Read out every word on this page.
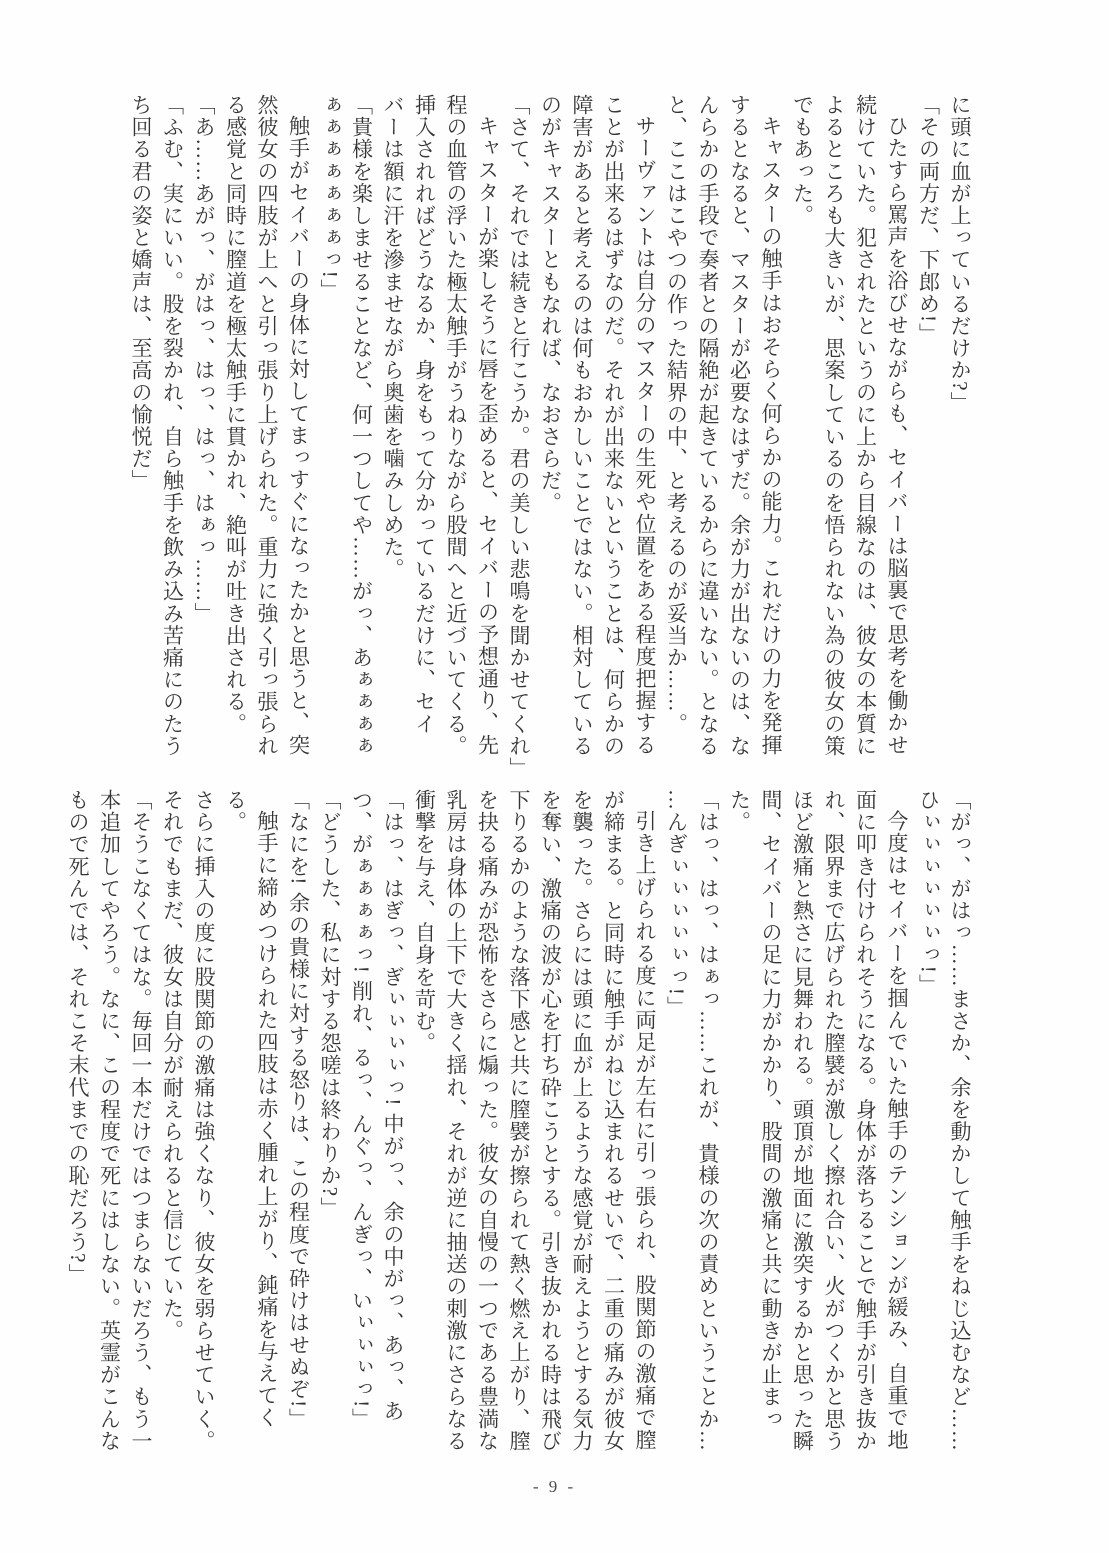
に頭に血が上っているだけか?」
「その両方だ、下郎め!」
ひたすら罵声を浴びせながらも、セイバーは脳裏で思考を働かせ
続けていた。犯されたというのに上から目線なのは、彼女の本質に
よるところも大きいが、思案しているのを悟られない為の彼女の策
でもあった。
キャスターの触手はおそらく何らかの能力。これだけの力を発揮
するとなると、マスターが必要なはずだ。余が力が出ないのは、な
んらかの手段で奏者との隔絶が起きているからに違いない。となる
と、ここはこやつの作った結界の中、と考えるのが妥当か……。
サーヴァントは自分のマスターの生死や位置をある程度把握する
ことが出来るはずなのだ。それが出来ないということは、何らかの
障害があると考えるのは何もおかしいことではない。相対している
のがキャスターともなれば、なおさらだ。
「さて、それでは続きと行こうか。君の美しい悲鳴を聞かせてくれ」
キャスターが楽しそうに唇を歪めると、セイバーの予想通り、先
程の血管の浮いた極太触手がうねりながら股間へと近づいてくる。
挿入されればどうなるか、身をもって分かっているだけに、セイ
バーは額に汗を滲ませながら奥歯を噛みしめた。
「貴様を楽しませることなど、何一つしてや……がっ、あぁぁぁぁ
ぁぁぁぁぁぁぁっ!」
触手がセイバーの身体に対してまっすぐになったかと思うと、突
然彼女の四肢が上へと引っ張り上げられた。重力に強く引っ張られ
る感覚と同時に膣道を極太触手に貫かれ、絶叫が吐き出される。
「あ……あがっ、がはっ、はっ、はっ、はぁっ……」
「ふむ、実にいい。股を裂かれ、自ら触手を飲み込み苦痛にのたう
ち回る君の姿と嬌声は、至高の愉悦だ」
「がっ、がはっ……まさか、余を動かして触手をねじ込むなど……
ひぃぃぃぃぃぃっ!」
今度はセイバーを掴んでいた触手のテンションが緩み、自重で地
面に叩き付けられそうになる。身体が落ちることで触手が引き抜か
れ、限界まで広げられた膣襞が激しく擦れ合い、火がつくかと思う
ほど激痛と熱さに見舞われる。頭頂が地面に激突するかと思った瞬
間、セイバーの足に力がかかり、股間の激痛と共に動きが止まった。
「はっ、はっ、はぁっ……これが、貴様の次の責めということか…
…んぎぃぃぃぃぃっ!」
引き上げられる度に両足が左右に引っ張られ、股関節の激痛で膣
が締まる。と同時に触手がねじ込まれるせいで、二重の痛みが彼女
を襲った。さらには頭に血が上るような感覚が耐えようとする気力
を奪い、激痛の波が心を打ち砕こうとする。引き抜かれる時は飛び
下りるかのような落下感と共に膣襞が擦られて熱く燃え上がり、膣
を抉る痛みが恐怖をさらに煽った。彼女の自慢の一つである豊満な
乳房は身体の上下で大きく揺れ、それが逆に抽送の刺激にさらなる
衝撃を与え、自身を苛む。
「はっ、はぎっ、ぎぃぃぃぃっ! 中がっ、余の中がっ、あっ、あ
つ、がぁぁぁぁっ! 削れ、るっ、んぐっ、んぎっ、いぃぃぃっ!」
「どうした、私に対する怨嗟は終わりか?」
「なにを! 余の貴様に対する怒りは、この程度で砕けはせぬぞ!」
触手に締めつけられた四肢は赤く腫れ上がり、鈍痛を与えてくる。
さらに挿入の度に股関節の激痛は強くなり、彼女を弱らせていく。
それでもまだ、彼女は自分が耐えられると信じていた。
「そうこなくてはな。毎回一本だけではつまらないだろう、もう一
本追加してやろう。なに、この程度で死にはしない。英霊がこんな
もので死んでは、それこそ末代までの恥だろう?」
- 9 -
